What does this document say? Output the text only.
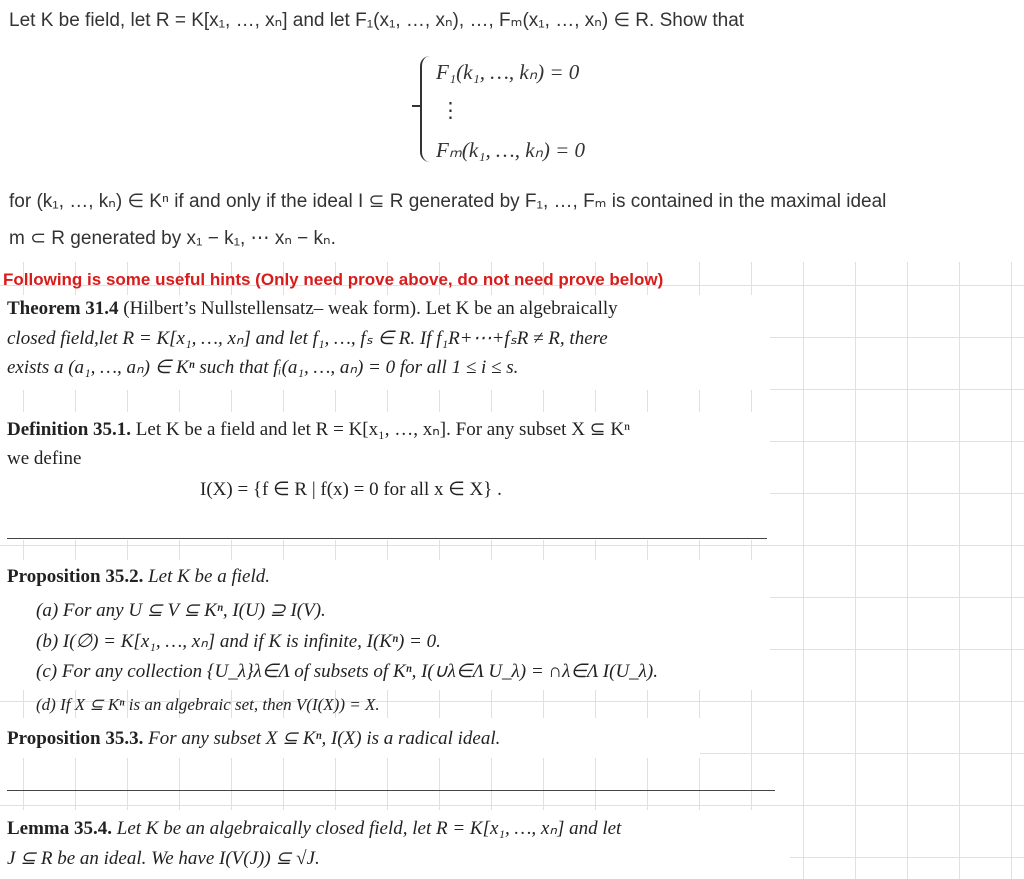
Let K be field, let R = K[x₁, …, xₙ] and let F₁(x₁, …, xₙ), …, Fₘ(x₁, …, xₙ) ∈ R. Show that
F₁(k₁, …, kₙ) = 0
⋮
Fₘ(k₁, …, kₙ) = 0
for (k₁, …, kₙ) ∈ Kⁿ if and only if the ideal I ⊆ R generated by F₁, …, Fₘ is contained in the maximal ideal
m ⊂ R generated by x₁ − k₁, ⋯ xₙ − kₙ.
Following is some useful hints (Only need prove above, do not need prove below)
Theorem 31.4 (Hilbert’s Nullstellensatz– weak form). Let K be an algebraically
closed field,let R = K[x₁, …, xₙ] and let f₁, …, fₛ ∈ R. If f₁R+⋯+fₛR ≠ R, there
exists a (a₁, …, aₙ) ∈ Kⁿ such that fᵢ(a₁, …, aₙ) = 0 for all 1 ≤ i ≤ s.
Definition 35.1. Let K be a field and let R = K[x₁, …, xₙ]. For any subset X ⊆ Kⁿ
we define
I(X) = {f ∈ R | f(x) = 0 for all x ∈ X} .
Proposition 35.2. Let K be a field.
(a) For any U ⊆ V ⊆ Kⁿ, I(U) ⊇ I(V).
(b) I(∅) = K[x₁, …, xₙ] and if K is infinite, I(Kⁿ) = 0.
(c) For any collection {U_λ}λ∈Λ of subsets of Kⁿ, I(∪λ∈Λ U_λ) = ∩λ∈Λ I(U_λ).
(d) If X ⊆ Kⁿ is an algebraic set, then V(I(X)) = X.
Proposition 35.3. For any subset X ⊆ Kⁿ, I(X) is a radical ideal.
Lemma 35.4. Let K be an algebraically closed field, let R = K[x₁, …, xₙ] and let
J ⊆ R be an ideal. We have I(V(J)) ⊆ √J.
